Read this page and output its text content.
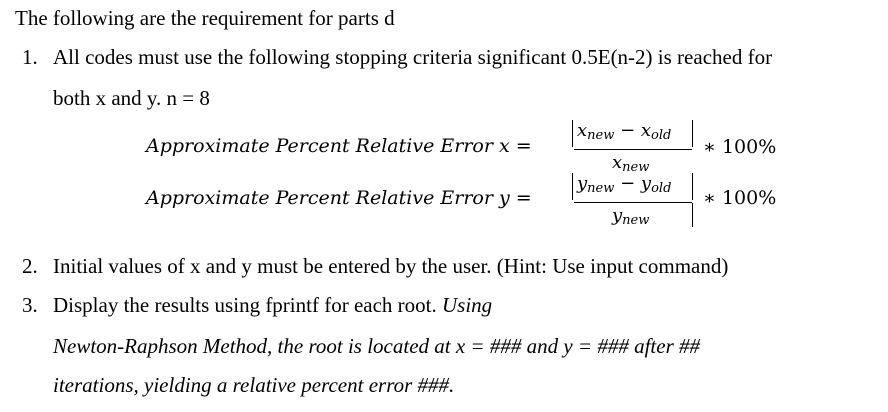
The following are the requirement for parts d
1. All codes must use the following stopping criteria significant 0.5E(n-2) is reached for
both x and y. n = 8
Approximate Percent Relative Error x =
xnew − xold
xnew
∗ 100%
Approximate Percent Relative Error y =
ynew − yold
ynew
∗ 100%
2. Initial values of x and y must be entered by the user. (Hint: Use input command)
3. Display the results using fprintf for each root. Using
Newton-Raphson Method, the root is located at x = ### and y = ### after ##
iterations, yielding a relative percent error ###.
